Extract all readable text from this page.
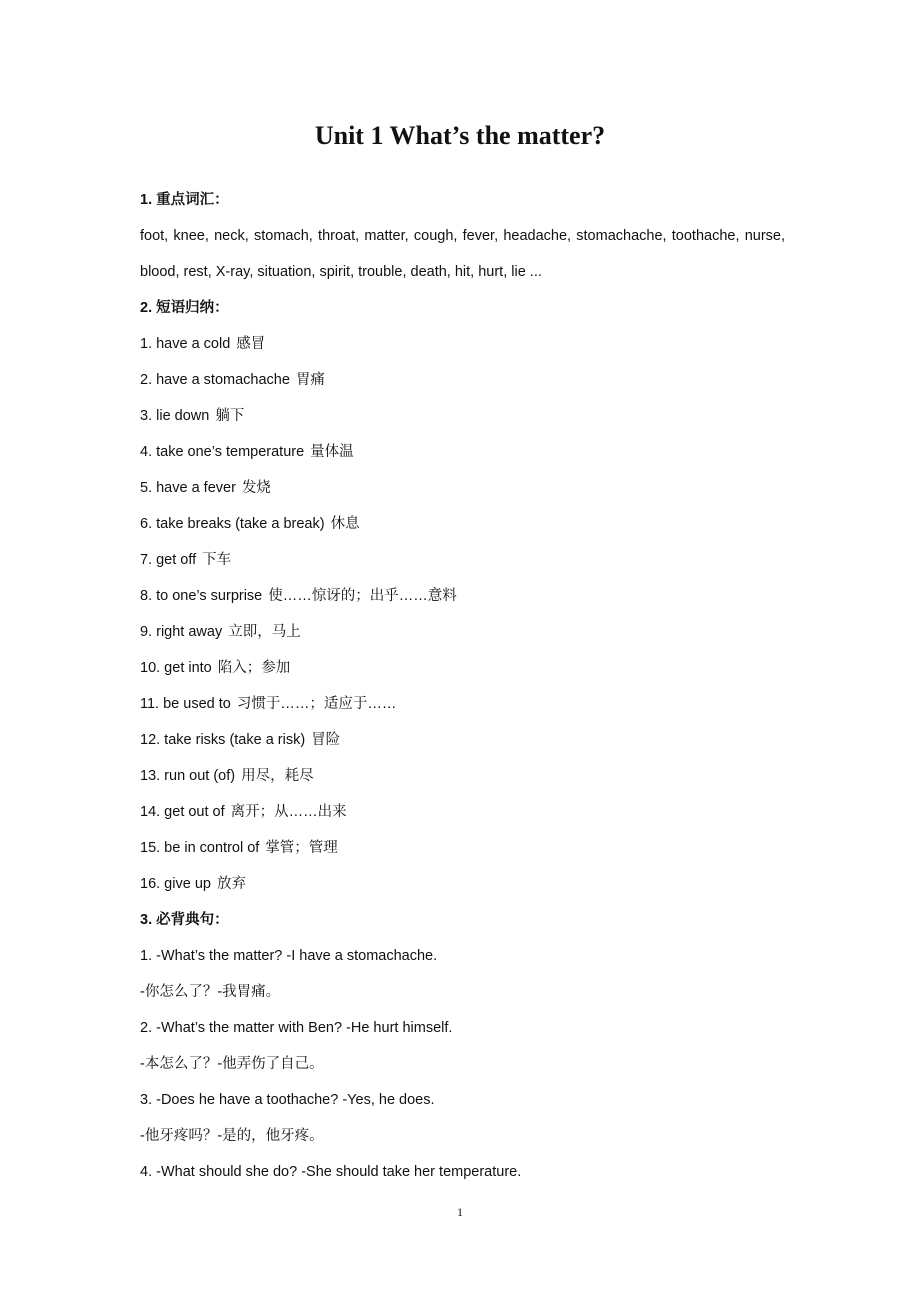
Unit 1 What’s the matter?
1. 重点词汇：
foot, knee, neck, stomach, throat, matter, cough, fever, headache, stomachache, toothache, nurse, blood, rest, X-ray, situation, spirit, trouble, death, hit, hurt, lie ...
2. 短语归纳：
1. have a cold 感冒
2. have a stomachache 胃痛
3. lie down 躺下
4. take one’s temperature 量体温
5. have a fever 发烧
6. take breaks (take a break) 休息
7. get off 下车
8. to one’s surprise 使……惊讶的；出乎……意料
9. right away 立即，马上
10. get into 陷入；参加
11. be used to 习惯于……；适应于……
12. take risks (take a risk) 冒险
13. run out (of) 用尽，耗尽
14. get out of 离开；从……出来
15. be in control of 掌管；管理
16. give up 放弃
3. 必背典句：
1. -What’s the matter? -I have a stomachache.
-你怎么了？-我胃痛。
2. -What’s the matter with Ben? -He hurt himself.
-本怎么了？-他弄伤了自己。
3. -Does he have a toothache? -Yes, he does.
-他牙疼吗？-是的，他牙疼。
4. -What should she do? -She should take her temperature.
1
